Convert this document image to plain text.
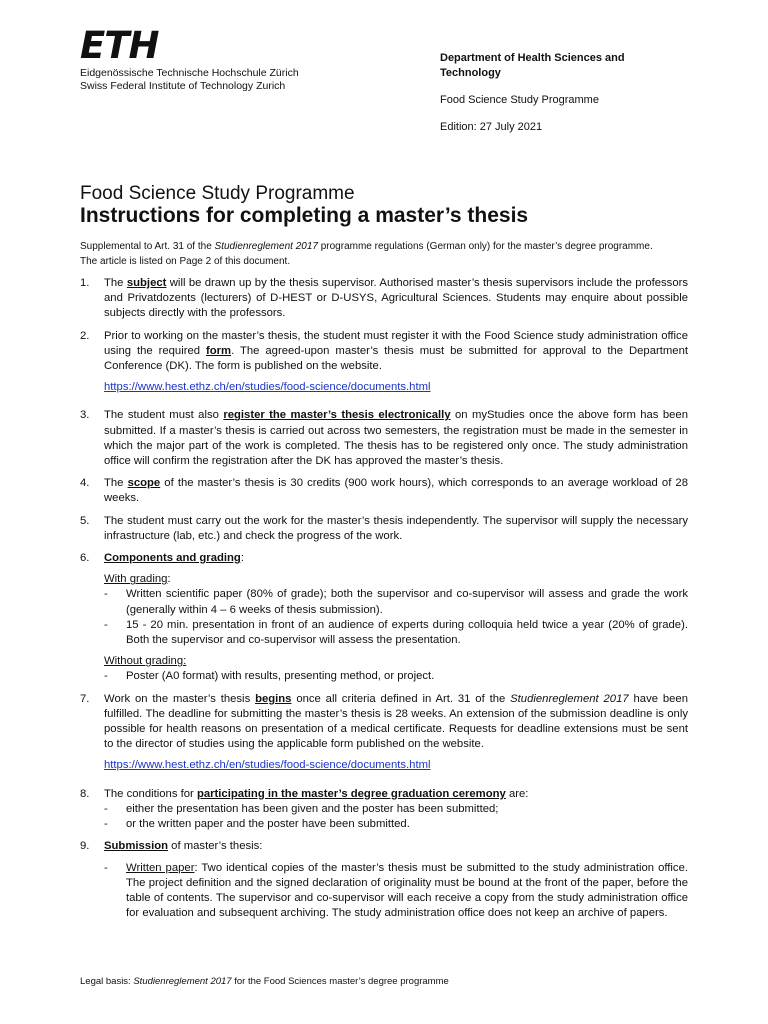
ETH
Eidgenössische Technische Hochschule Zürich
Swiss Federal Institute of Technology Zurich
Department of Health Sciences and Technology
Food Science Study Programme
Edition: 27 July 2021
Food Science Study Programme
Instructions for completing a master’s thesis
Supplemental to Art. 31 of the Studienreglement 2017 programme regulations (German only) for the master’s degree programme.
The article is listed on Page 2 of this document.
1.	The subject will be drawn up by the thesis supervisor. Authorised master’s thesis supervisors include the professors and Privatdozents (lecturers) of D-HEST or D-USYS, Agricultural Sciences. Students may enquire about possible subjects directly with the professors.
2.	Prior to working on the master’s thesis, the student must register it with the Food Science study administration office using the required form. The agreed-upon master’s thesis must be submitted for approval to the Department Conference (DK). The form is published on the website.

https://www.hest.ethz.ch/en/studies/food-science/documents.html

3.	The student must also register the master’s thesis electronically on myStudies once the above form has been submitted. If a master’s thesis is carried out across two semesters, the registration must be made in the semester in which the major part of the work is completed. The thesis has to be registered only once. The study administration office will confirm the registration after the DK has approved the master’s thesis.
4.	The scope of the master’s thesis is 30 credits (900 work hours), which corresponds to an average workload of 28 weeks.
5.	The student must carry out the work for the master’s thesis independently. The supervisor will supply the necessary infrastructure (lab, etc.) and check the progress of the work.
6.	Components and grading:

With grading:
-	Written scientific paper (80% of grade); both the supervisor and co-supervisor will assess and grade the work (generally within 4 – 6 weeks of thesis submission).
-	15 - 20 min. presentation in front of an audience of experts during colloquia held twice a year (20% of grade). Both the supervisor and co-supervisor will assess the presentation.
Without grading:
-	Poster (A0 format) with results, presenting method, or project.
7.	Work on the master’s thesis begins once all criteria defined in Art. 31 of the Studienreglement 2017 have been fulfilled. The deadline for submitting the master’s thesis is 28 weeks. An extension of the submission deadline is only possible for health reasons on presentation of a medical certificate. Requests for deadline extensions must be sent to the director of studies using the applicable form published on the website.

https://www.hest.ethz.ch/en/studies/food-science/documents.html

8.	The conditions for participating in the master’s degree graduation ceremony are:
-	either the presentation has been given and the poster has been submitted;
-	or the written paper and the poster have been submitted.
9.	Submission of master’s thesis:

-	Written paper: Two identical copies of the master’s thesis must be submitted to the study administration office. The project definition and the signed declaration of originality must be bound at the front of the paper, before the table of contents. The supervisor and co-supervisor will each receive a copy from the study administration office for evaluation and subsequent archiving. The study administration office does not keep an archive of papers.
Legal basis: Studienreglement 2017 for the Food Sciences master’s degree programme
